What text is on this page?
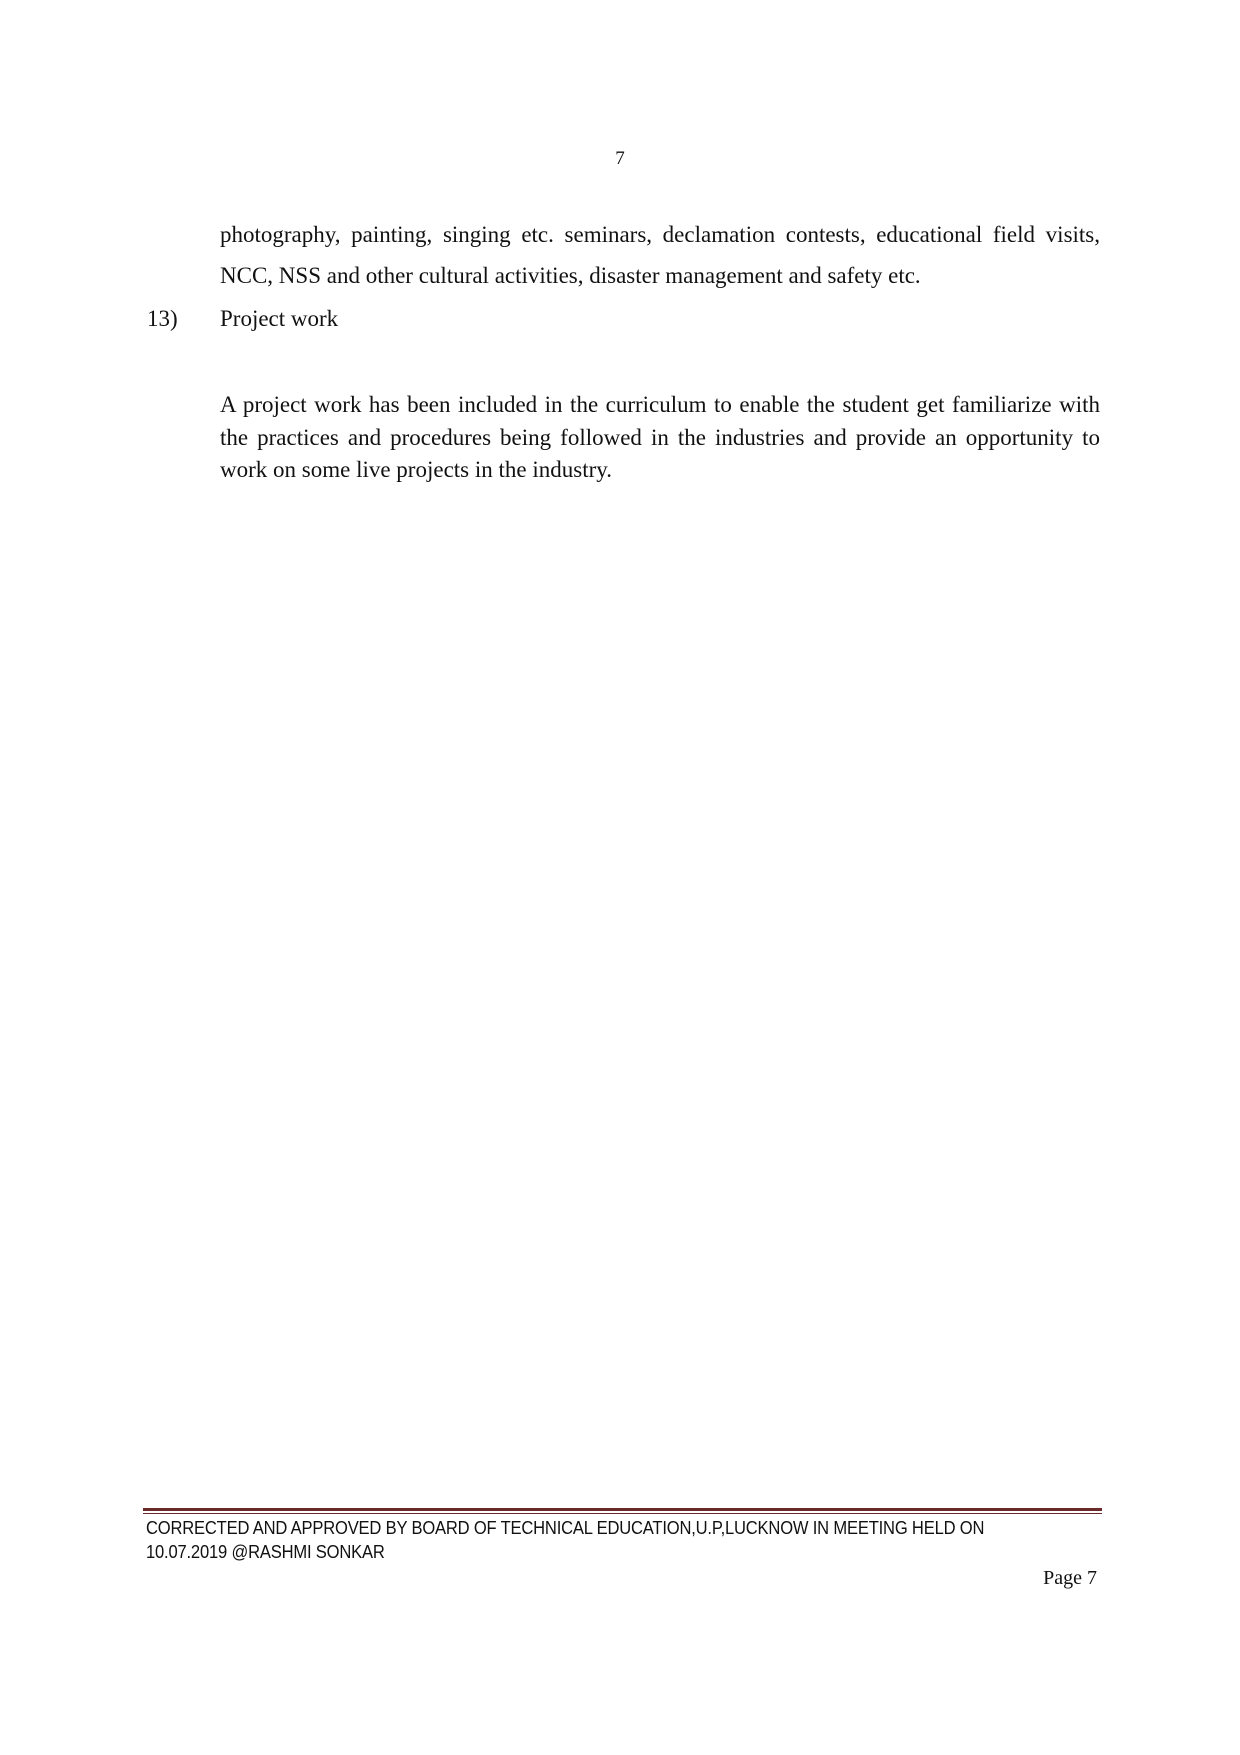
7

photography, painting, singing etc. seminars, declamation contests, educational field visits, NCC, NSS and other cultural activities, disaster management and safety etc.

13) Project work

A project work has been included in the curriculum to enable the student get familiarize with the practices and procedures being followed in the industries and provide an opportunity to work on some live projects in the industry.

CORRECTED AND APPROVED BY BOARD OF TECHNICAL EDUCATION,U.P,LUCKNOW IN MEETING HELD ON
10.07.2019 @RASHMI SONKAR
Page 7
